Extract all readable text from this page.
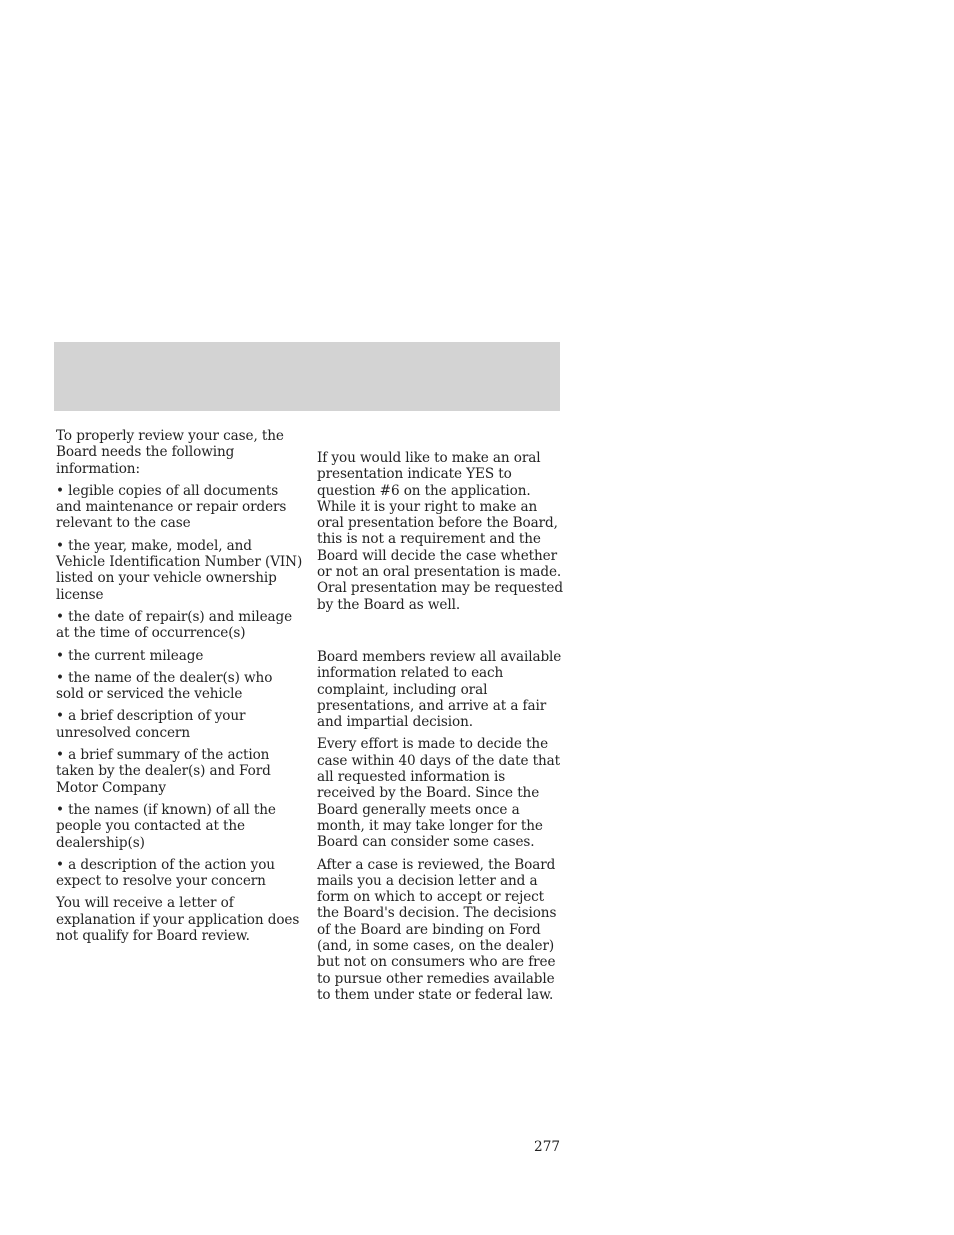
To properly review your case, the Board needs the following information:

• legible copies of all documents and maintenance or repair orders relevant to the case
• the year, make, model, and Vehicle Identification Number (VIN) listed on your vehicle ownership license
• the date of repair(s) and mileage at the time of occurrence(s)
• the current mileage
• the name of the dealer(s) who sold or serviced the vehicle
• a brief description of your unresolved concern
• a brief summary of the action taken by the dealer(s) and Ford Motor Company
• the names (if known) of all the people you contacted at the dealership(s)
• a description of the action you expect to resolve your concern

You will receive a letter of explanation if your application does not qualify for Board review.

If you would like to make an oral presentation indicate YES to question #6 on the application. While it is your right to make an oral presentation before the Board, this is not a requirement and the Board will decide the case whether or not an oral presentation is made. Oral presentation may be requested by the Board as well.

Board members review all available information related to each complaint, including oral presentations, and arrive at a fair and impartial decision.

Every effort is made to decide the case within 40 days of the date that all requested information is received by the Board. Since the Board generally meets once a month, it may take longer for the Board can consider some cases.

After a case is reviewed, the Board mails you a decision letter and a form on which to accept or reject the Board's decision. The decisions of the Board are binding on Ford (and, in some cases, on the dealer) but not on consumers who are free to pursue other remedies available to them under state or federal law.

277
